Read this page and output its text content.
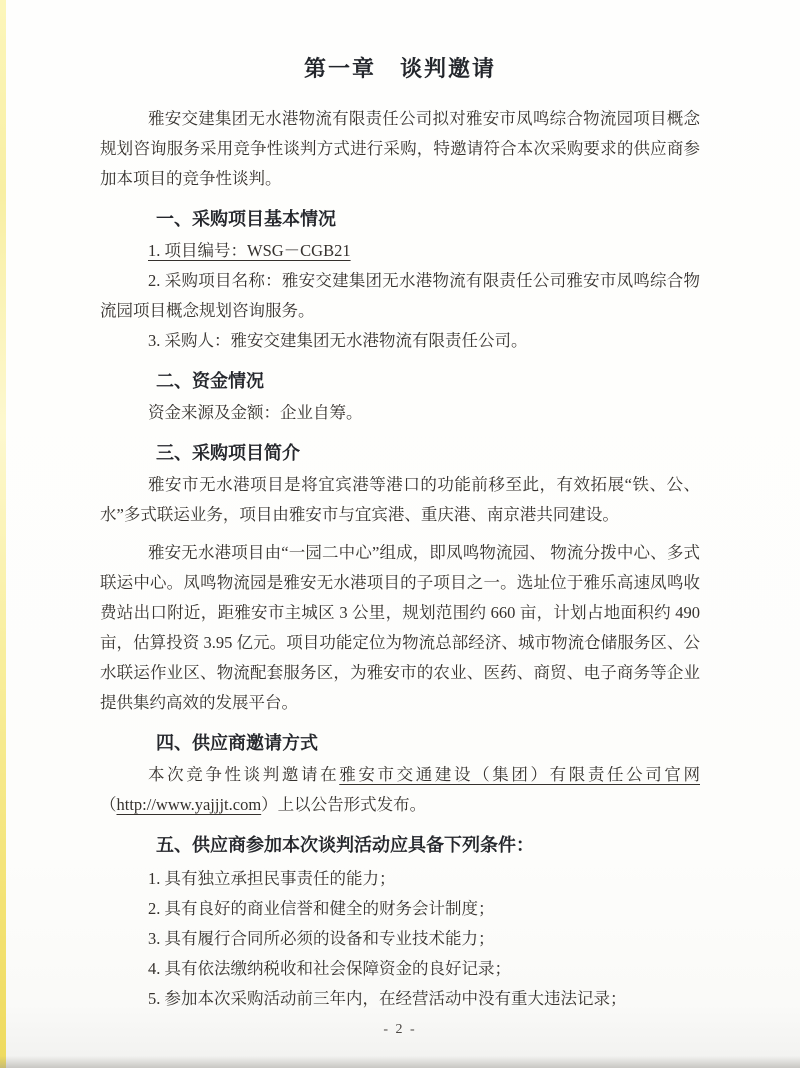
第一章　谈判邀请

雅安交建集团无水港物流有限责任公司拟对雅安市凤鸣综合物流园项目概念规划咨询服务采用竞争性谈判方式进行采购，特邀请符合本次采购要求的供应商参加本项目的竞争性谈判。

一、采购项目基本情况

1. 项目编号：WSG－CGB21

2. 采购项目名称：雅安交建集团无水港物流有限责任公司雅安市凤鸣综合物流园项目概念规划咨询服务。

3. 采购人：雅安交建集团无水港物流有限责任公司。

二、资金情况

资金来源及金额：企业自筹。

三、采购项目简介

雅安市无水港项目是将宜宾港等港口的功能前移至此，有效拓展“铁、公、水”多式联运业务，项目由雅安市与宜宾港、重庆港、南京港共同建设。

雅安无水港项目由“一园二中心”组成，即凤鸣物流园、 物流分拨中心、多式联运中心。凤鸣物流园是雅安无水港项目的子项目之一。选址位于雅乐高速凤鸣收费站出口附近，距雅安市主城区 3 公里，规划范围约 660 亩，计划占地面积约 490 亩，估算投资 3.95 亿元。项目功能定位为物流总部经济、城市物流仓储服务区、公水联运作业区、物流配套服务区，为雅安市的农业、医药、商贸、电子商务等企业提供集约高效的发展平台。

四、供应商邀请方式

本次竞争性谈判邀请在雅安市交通建设（集团）有限责任公司官网（http://www.yajjjt.com）上以公告形式发布。

五、供应商参加本次谈判活动应具备下列条件：
1. 具有独立承担民事责任的能力；
2. 具有良好的商业信誉和健全的财务会计制度；
3. 具有履行合同所必须的设备和专业技术能力；
4. 具有依法缴纳税收和社会保障资金的良好记录；
5. 参加本次采购活动前三年内，在经营活动中没有重大违法记录；
- 2 -
